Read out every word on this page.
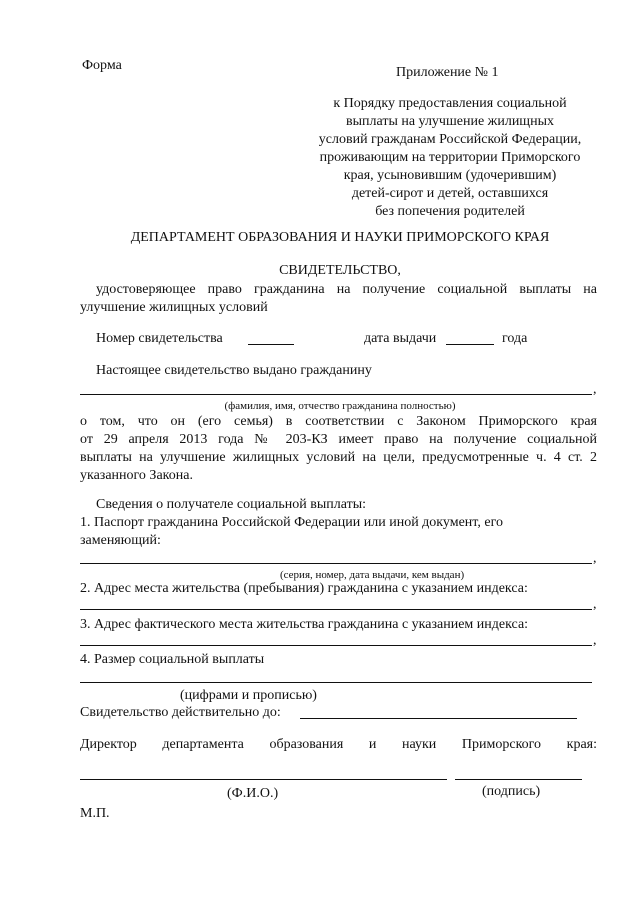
Форма	Приложение № 1
к Порядку предоставления социальной
выплаты на улучшение жилищных
условий гражданам Российской Федерации,
проживающим на территории Приморского
края, усыновившим (удочерившим)
детей-сирот и детей, оставшихся
без попечения родителей
ДЕПАРТАМЕНТ ОБРАЗОВАНИЯ И НАУКИ ПРИМОРСКОГО КРАЯ
СВИДЕТЕЛЬСТВО,
удостоверяющее право гражданина на получение социальной выплаты на
улучшение жилищных условий
Номер свидетельства	дата выдачи	года
Настоящее свидетельство выдано гражданину
,
(фамилия, имя, отчество гражданина полностью)
о том, что он (его семья) в соответствии с Законом Приморского края
от 29 апреля 2013 года № 203-КЗ имеет право на получение социальной
выплаты на улучшение жилищных условий на цели, предусмотренные ч. 4 ст. 2
указанного Закона.
Сведения о получателе социальной выплаты:
1. Паспорт гражданина Российской Федерации или иной документ, его
заменяющий:
,
(серия, номер, дата выдачи, кем выдан)
2. Адрес места жительства (пребывания) гражданина с указанием индекса:
,
3. Адрес фактического места жительства гражданина с указанием индекса:
,
4. Размер социальной выплаты
(цифрами и прописью)
Свидетельство действительно до:
Директор департамента образования и науки Приморского края:
(Ф.И.О.)	(подпись)
М.П.
